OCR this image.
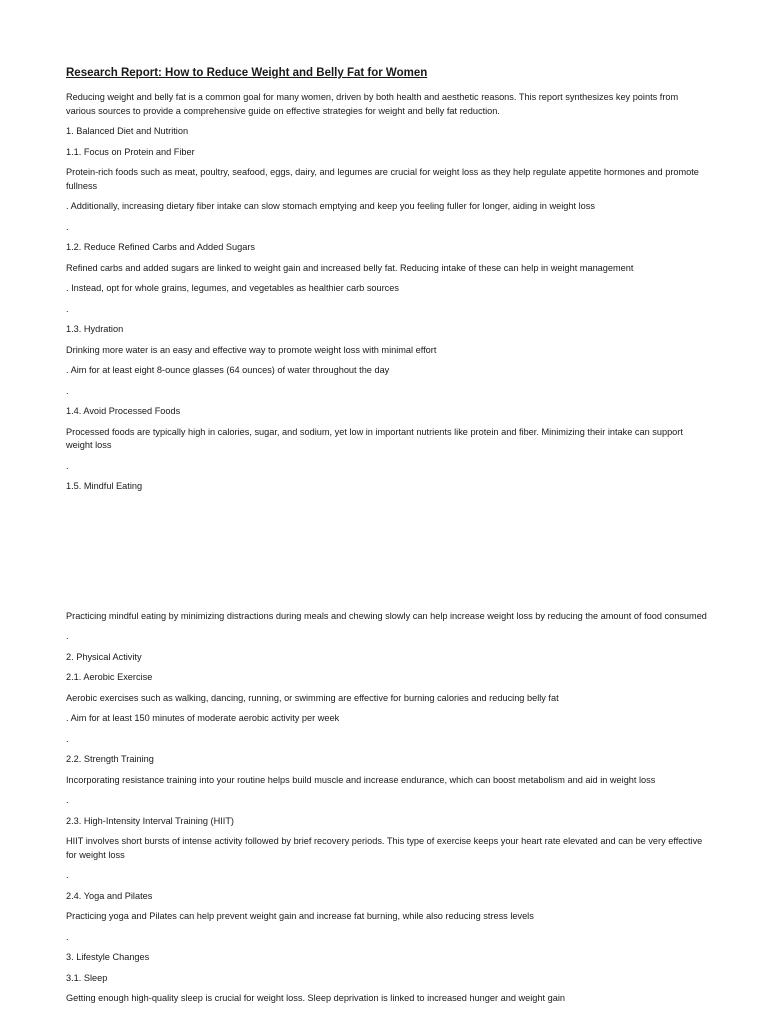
Research Report: How to Reduce Weight and Belly Fat for Women
Reducing weight and belly fat is a common goal for many women, driven by both health and aesthetic reasons. This report synthesizes key points from various sources to provide a comprehensive guide on effective strategies for weight and belly fat reduction.
1. Balanced Diet and Nutrition
1.1. Focus on Protein and Fiber
Protein-rich foods such as meat, poultry, seafood, eggs, dairy, and legumes are crucial for weight loss as they help regulate appetite hormones and promote fullness
. Additionally, increasing dietary fiber intake can slow stomach emptying and keep you feeling fuller for longer, aiding in weight loss
.
1.2. Reduce Refined Carbs and Added Sugars
Refined carbs and added sugars are linked to weight gain and increased belly fat. Reducing intake of these can help in weight management
. Instead, opt for whole grains, legumes, and vegetables as healthier carb sources
.
1.3. Hydration
Drinking more water is an easy and effective way to promote weight loss with minimal effort
. Aim for at least eight 8-ounce glasses (64 ounces) of water throughout the day
.
1.4. Avoid Processed Foods
Processed foods are typically high in calories, sugar, and sodium, yet low in important nutrients like protein and fiber. Minimizing their intake can support weight loss
.
1.5. Mindful Eating
Practicing mindful eating by minimizing distractions during meals and chewing slowly can help increase weight loss by reducing the amount of food consumed
.
2. Physical Activity
2.1. Aerobic Exercise
Aerobic exercises such as walking, dancing, running, or swimming are effective for burning calories and reducing belly fat
. Aim for at least 150 minutes of moderate aerobic activity per week
.
2.2. Strength Training
Incorporating resistance training into your routine helps build muscle and increase endurance, which can boost metabolism and aid in weight loss
.
2.3. High-Intensity Interval Training (HIIT)
HIIT involves short bursts of intense activity followed by brief recovery periods. This type of exercise keeps your heart rate elevated and can be very effective for weight loss
.
2.4. Yoga and Pilates
Practicing yoga and Pilates can help prevent weight gain and increase fat burning, while also reducing stress levels
.
3. Lifestyle Changes
3.1. Sleep
Getting enough high-quality sleep is crucial for weight loss. Sleep deprivation is linked to increased hunger and weight gain
